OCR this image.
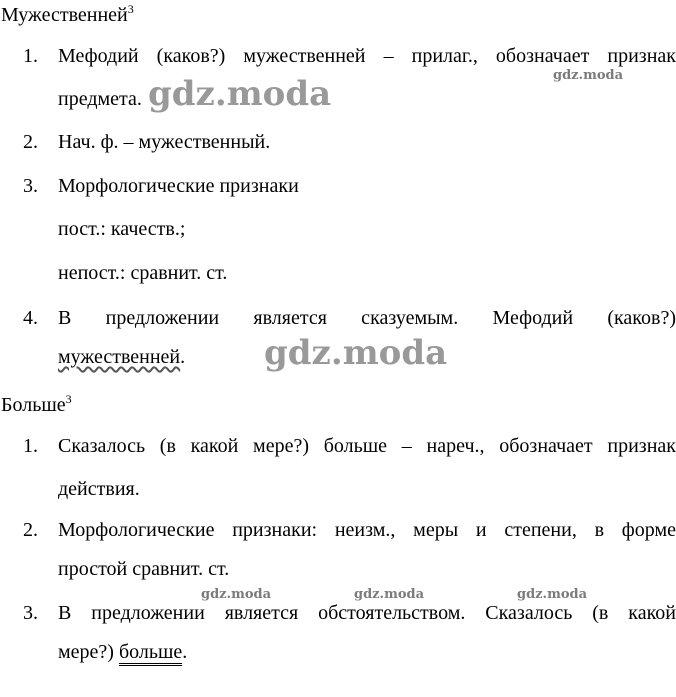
Мужественней$^3$
1. Мефодий (каков?) мужественней – прилаг., обозначает признак
предмета.
2. Нач. ф. – мужественный.
3. Морфологические признаки
пост.: качеств.;
непост.: сравнит. ст.
4. В предложении является сказуемым. Мефодий (каков?)
мужественней.
Больше$^3$
1. Сказалось (в какой мере?) больше – нареч., обозначает признак
действия.
2. Морфологические признаки: неизм., меры и степени, в форме
простой сравнит. ст.
3. В предложении является обстоятельством. Сказалось (в какой
мере?) больше.
gdz.moda
gdz.moda
gdz.moda
gdz.moda	gdz.moda	gdz.moda
